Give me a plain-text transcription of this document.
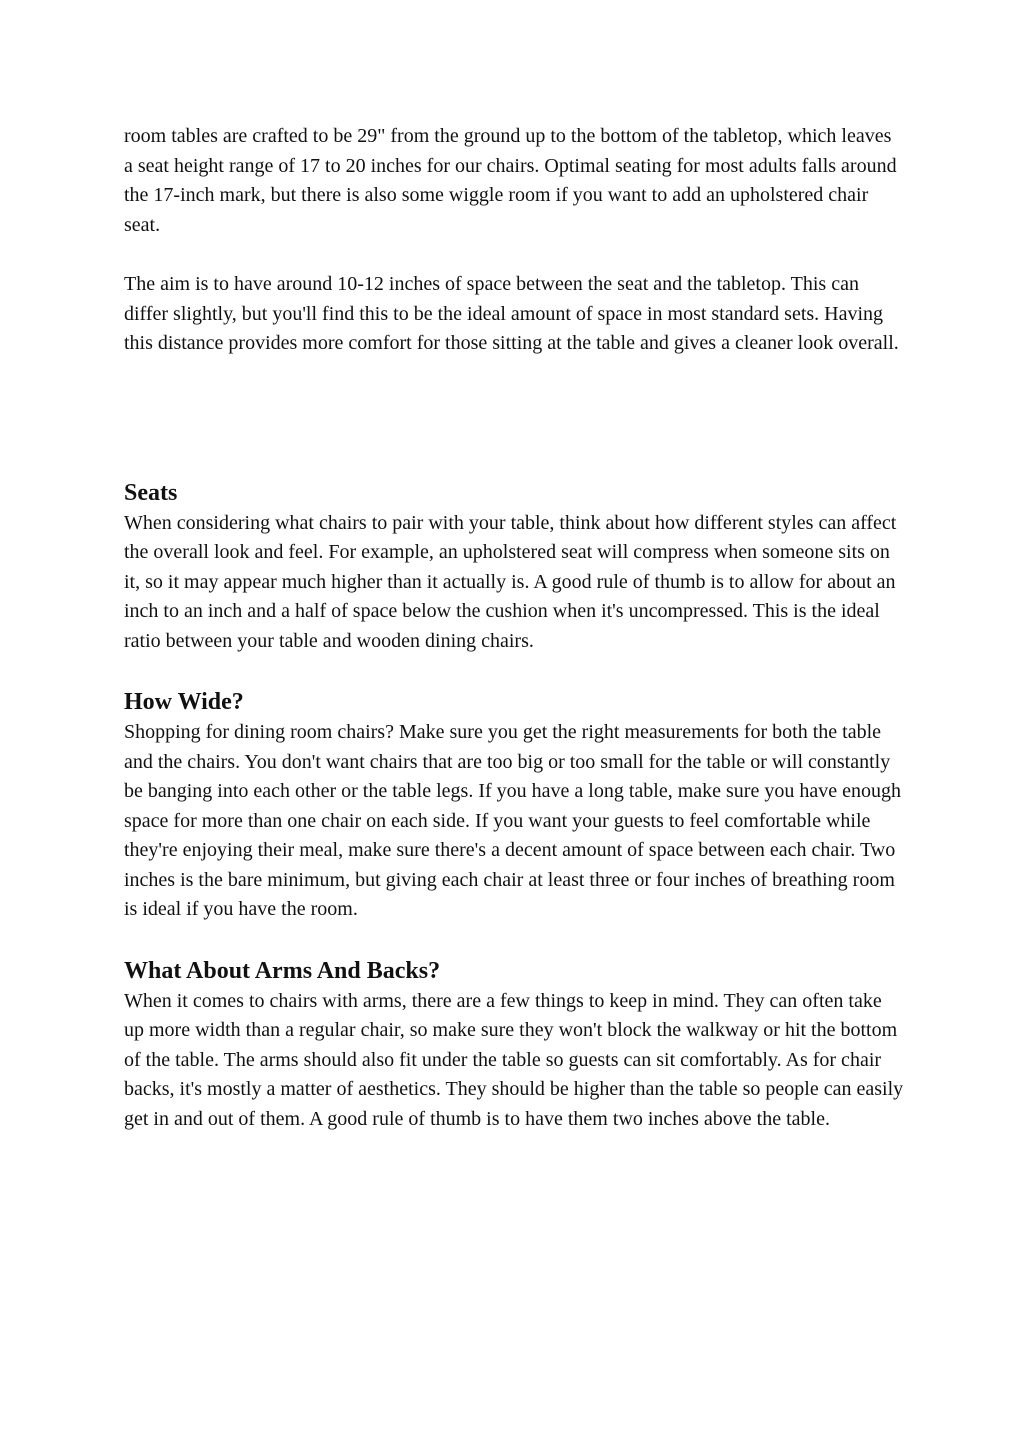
room tables are crafted to be 29" from the ground up to the bottom of the tabletop, which leaves a seat height range of 17 to 20 inches for our chairs. Optimal seating for most adults falls around the 17-inch mark, but there is also some wiggle room if you want to add an upholstered chair seat.

The aim is to have around 10-12 inches of space between the seat and the tabletop. This can differ slightly, but you'll find this to be the ideal amount of space in most standard sets. Having this distance provides more comfort for those sitting at the table and gives a cleaner look overall.

Seats

When considering what chairs to pair with your table, think about how different styles can affect the overall look and feel. For example, an upholstered seat will compress when someone sits on it, so it may appear much higher than it actually is. A good rule of thumb is to allow for about an inch to an inch and a half of space below the cushion when it's uncompressed. This is the ideal ratio between your table and wooden dining chairs.

How Wide?

Shopping for dining room chairs? Make sure you get the right measurements for both the table and the chairs. You don't want chairs that are too big or too small for the table or will constantly be banging into each other or the table legs. If you have a long table, make sure you have enough space for more than one chair on each side. If you want your guests to feel comfortable while they're enjoying their meal, make sure there's a decent amount of space between each chair. Two inches is the bare minimum, but giving each chair at least three or four inches of breathing room is ideal if you have the room.

What About Arms And Backs?

When it comes to chairs with arms, there are a few things to keep in mind. They can often take up more width than a regular chair, so make sure they won't block the walkway or hit the bottom of the table. The arms should also fit under the table so guests can sit comfortably. As for chair backs, it's mostly a matter of aesthetics. They should be higher than the table so people can easily get in and out of them. A good rule of thumb is to have them two inches above the table.
